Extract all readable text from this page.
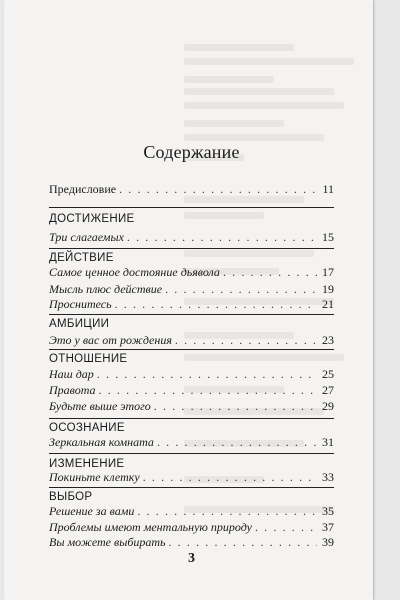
Содержание
Предисловие . . .	11
ДОСТИЖЕНИЕ
Три слагаемых . . .	15
ДЕЙСТВИЕ
Самое ценное достояние дьявола . . .	17
Мысль плюс действие . . .	19
Проснитесь . . .	21
АМБИЦИИ
Это у вас от рождения . . .	23
ОТНОШЕНИЕ
Наш дар . . .	25
Правота . . .	27
Будьте выше этого . . .	29
ОСОЗНАНИЕ
Зеркальная комната . . .	31
ИЗМЕНЕНИЕ
Покиньте клетку . . .	33
ВЫБОР
Решение за вами . . .	35
Проблемы имеют ментальную природу . . .	37
Вы можете выбирать . . .	39
3
